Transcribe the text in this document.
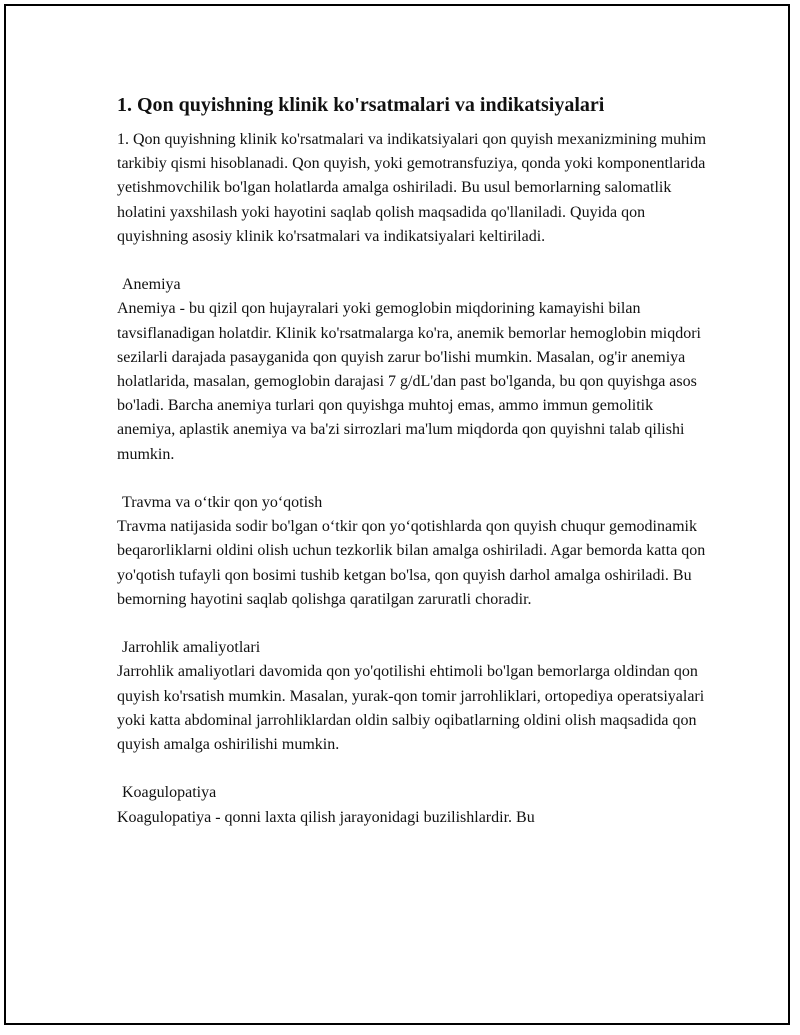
1. Qon quyishning klinik ko'rsatmalari va indikatsiyalari

1. Qon quyishning klinik ko'rsatmalari va indikatsiyalari qon quyish mexanizmining muhim tarkibiy qismi hisoblanadi. Qon quyish, yoki gemotransfuziya, qonda yoki komponentlarida yetishmovchilik bo'lgan holatlarda amalga oshiriladi. Bu usul bemorlarning salomatlik holatini yaxshilash yoki hayotini saqlab qolish maqsadida qo'llaniladi. Quyida qon quyishning asosiy klinik ko'rsatmalari va indikatsiyalari keltiriladi.

Anemiya

Anemiya - bu qizil qon hujayralari yoki gemoglobin miqdorining kamayishi bilan tavsiflanadigan holatdir. Klinik ko'rsatmalarga ko'ra, anemik bemorlar hemoglobin miqdori sezilarli darajada pasayganida qon quyish zarur bo'lishi mumkin. Masalan, og'ir anemiya holatlarida, masalan, gemoglobin darajasi 7 g/dL'dan past bo'lganda, bu qon quyishga asos bo'ladi. Barcha anemiya turlari qon quyishga muhtoj emas, ammo immun gemolitik anemiya, aplastik anemiya va ba'zi sirrozlari ma'lum miqdorda qon quyishni talab qilishi mumkin.

Travma va o‘tkir qon yo‘qotish

Travma natijasida sodir bo'lgan o‘tkir qon yo‘qotishlarda qon quyish chuqur gemodinamik beqarorliklarni oldini olish uchun tezkorlik bilan amalga oshiriladi. Agar bemorda katta qon yo'qotish tufayli qon bosimi tushib ketgan bo'lsa, qon quyish darhol amalga oshiriladi. Bu bemorning hayotini saqlab qolishga qaratilgan zaruratli choradir.

Jarrohlik amaliyotlari

Jarrohlik amaliyotlari davomida qon yo'qotilishi ehtimoli bo'lgan bemorlarga oldindan qon quyish ko'rsatish mumkin. Masalan, yurak-qon tomir jarrohliklari, ortopediya operatsiyalari yoki katta abdominal jarrohliklardan oldin salbiy oqibatlarning oldini olish maqsadida qon quyish amalga oshirilishi mumkin.

Koagulopatiya

Koagulopatiya - qonni laxta qilish jarayonidagi buzilishlardir. Bu
